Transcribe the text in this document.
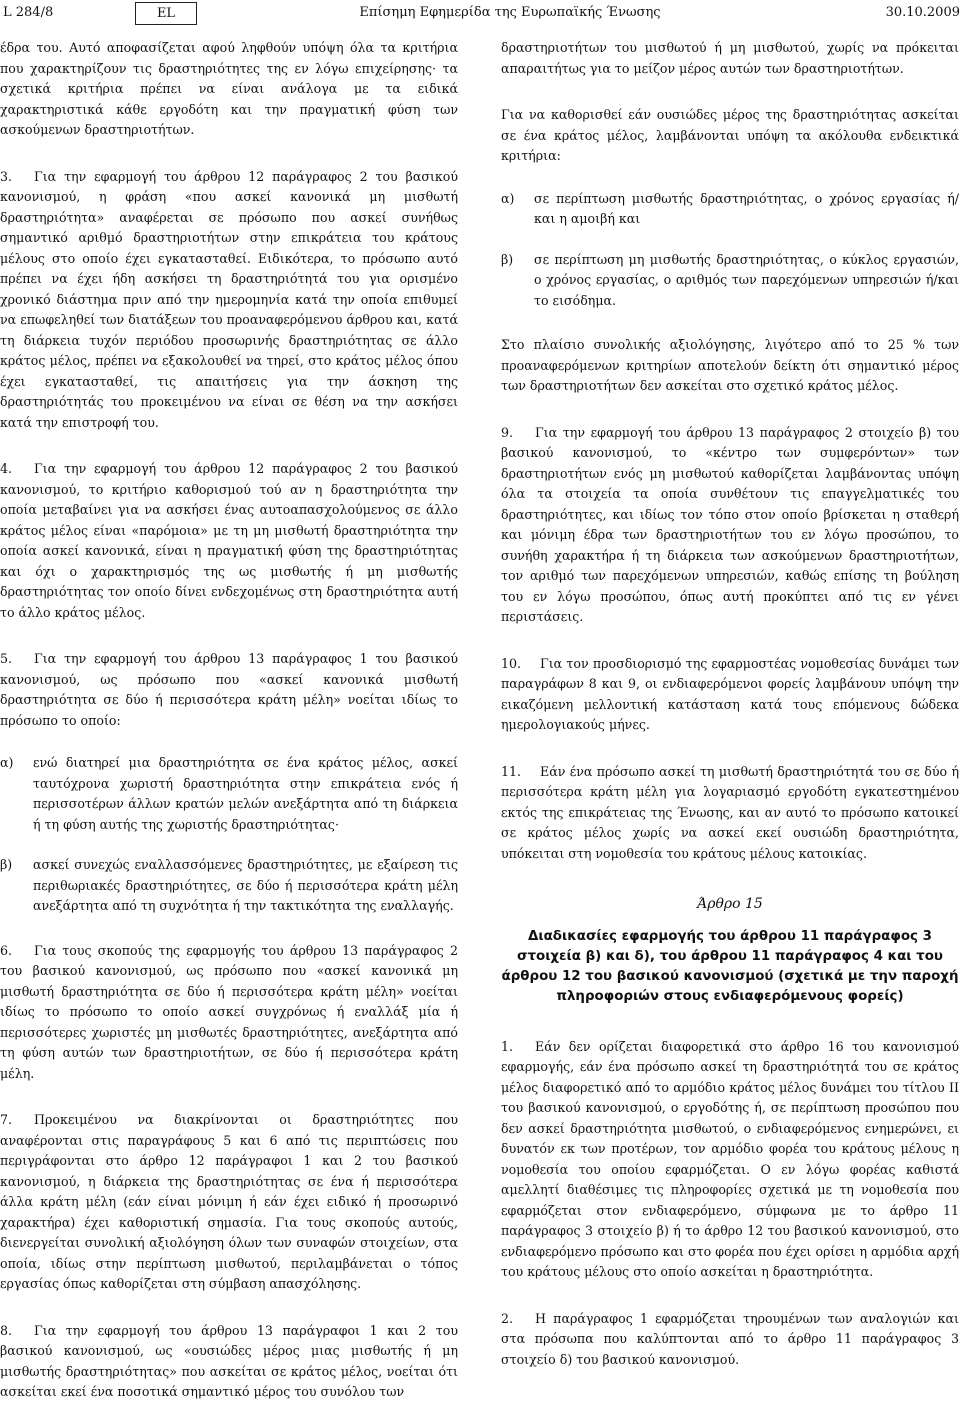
L 284/8	EL	Επίσημη Εφημερίδα της Ευρωπαϊκής Ένωσης	30.10.2009

έδρα του. Αυτό αποφασίζεται αφού ληφθούν υπόψη όλα τα κριτήρια που χαρακτηρίζουν τις δραστηριότητες της εν λόγω επιχείρησης· τα σχετικά κριτήρια πρέπει να είναι ανάλογα με τα ειδικά χαρακτηριστικά κάθε εργοδότη και την πραγματική φύση των ασκούμενων δραστηριοτήτων.

3. Για την εφαρμογή του άρθρου 12 παράγραφος 2 του βασικού κανονισμού, η φράση «που ασκεί κανονικά μη μισθωτή δραστηριότητα» αναφέρεται σε πρόσωπο που ασκεί συνήθως σημαντικό αριθμό δραστηριοτήτων στην επικράτεια του κράτους μέλους στο οποίο έχει εγκατασταθεί. Ειδικότερα, το πρόσωπο αυτό πρέπει να έχει ήδη ασκήσει τη δραστηριότητά του για ορισμένο χρονικό διάστημα πριν από την ημερομηνία κατά την οποία επιθυμεί να επωφεληθεί των διατάξεων του προαναφερόμενου άρθρου και, κατά τη διάρκεια τυχόν περιόδου προσωρινής δραστηριότητας σε άλλο κράτος μέλος, πρέπει να εξακολουθεί να τηρεί, στο κράτος μέλος όπου έχει εγκατασταθεί, τις απαιτήσεις για την άσκηση της δραστηριότητάς του προκειμένου να είναι σε θέση να την ασκήσει κατά την επιστροφή του.

4. Για την εφαρμογή του άρθρου 12 παράγραφος 2 του βασικού κανονισμού, το κριτήριο καθορισμού τού αν η δραστηριότητα την οποία μεταβαίνει για να ασκήσει ένας αυτοαπασχολούμενος σε άλλο κράτος μέλος είναι «παρόμοια» με τη μη μισθωτή δραστηριότητα την οποία ασκεί κανονικά, είναι η πραγματική φύση της δραστηριότητας και όχι ο χαρακτηρισμός της ως μισθωτής ή μη μισθωτής δραστηριότητας τον οποίο δίνει ενδεχομένως στη δραστηριότητα αυτή το άλλο κράτος μέλος.

5. Για την εφαρμογή του άρθρου 13 παράγραφος 1 του βασικού κανονισμού, ως πρόσωπο που «ασκεί κανονικά μισθωτή δραστηριότητα σε δύο ή περισσότερα κράτη μέλη» νοείται ιδίως το πρόσωπο το οποίο:

α)	ενώ διατηρεί μια δραστηριότητα σε ένα κράτος μέλος, ασκεί ταυτόχρονα χωριστή δραστηριότητα στην επικράτεια ενός ή περισσοτέρων άλλων κρατών μελών ανεξάρτητα από τη διάρκεια ή τη φύση αυτής της χωριστής δραστηριότητας·
β)	ασκεί συνεχώς εναλλασσόμενες δραστηριότητες, με εξαίρεση τις περιθωριακές δραστηριότητες, σε δύο ή περισσότερα κράτη μέλη ανεξάρτητα από τη συχνότητα ή την τακτικότητα της εναλλαγής.

6. Για τους σκοπούς της εφαρμογής του άρθρου 13 παράγραφος 2 του βασικού κανονισμού, ως πρόσωπο που «ασκεί κανονικά μη μισθωτή δραστηριότητα σε δύο ή περισσότερα κράτη μέλη» νοείται ιδίως το πρόσωπο το οποίο ασκεί συγχρόνως ή εναλλάξ μία ή περισσότερες χωριστές μη μισθωτές δραστηριότητες, ανεξάρτητα από τη φύση αυτών των δραστηριοτήτων, σε δύο ή περισσότερα κράτη μέλη.

7. Προκειμένου να διακρίνονται οι δραστηριότητες που αναφέρονται στις παραγράφους 5 και 6 από τις περιπτώσεις που περιγράφονται στο άρθρο 12 παράγραφοι 1 και 2 του βασικού κανονισμού, η διάρκεια της δραστηριότητας σε ένα ή περισσότερα άλλα κράτη μέλη (εάν είναι μόνιμη ή εάν έχει ειδικό ή προσωρινό χαρακτήρα) έχει καθοριστική σημασία. Για τους σκοπούς αυτούς, διενεργείται συνολική αξιολόγηση όλων των συναφών στοιχείων, στα οποία, ιδίως στην περίπτωση μισθωτού, περιλαμβάνεται ο τόπος εργασίας όπως καθορίζεται στη σύμβαση απασχόλησης.

8. Για την εφαρμογή του άρθρου 13 παράγραφοι 1 και 2 του βασικού κανονισμού, ως «ουσιώδες μέρος μιας μισθωτής ή μη μισθωτής δραστηριότητας» που ασκείται σε κράτος μέλος, νοείται ότι ασκείται εκεί ένα ποσοτικά σημαντικό μέρος του συνόλου των

δραστηριοτήτων του μισθωτού ή μη μισθωτού, χωρίς να πρόκειται απαραιτήτως για το μείζον μέρος αυτών των δραστηριοτήτων.

Για να καθορισθεί εάν ουσιώδες μέρος της δραστηριότητας ασκείται σε ένα κράτος μέλος, λαμβάνονται υπόψη τα ακόλουθα ενδεικτικά κριτήρια:

α)	σε περίπτωση μισθωτής δραστηριότητας, ο χρόνος εργασίας ή/και η αμοιβή και
β)	σε περίπτωση μη μισθωτής δραστηριότητας, ο κύκλος εργασιών, ο χρόνος εργασίας, ο αριθμός των παρεχόμενων υπηρεσιών ή/και το εισόδημα.

Στο πλαίσιο συνολικής αξιολόγησης, λιγότερο από το 25 % των προαναφερόμενων κριτηρίων αποτελούν δείκτη ότι σημαντικό μέρος των δραστηριοτήτων δεν ασκείται στο σχετικό κράτος μέλος.

9. Για την εφαρμογή του άρθρου 13 παράγραφος 2 στοιχείο β) του βασικού κανονισμού, το «κέντρο των συμφερόντων» των δραστηριοτήτων ενός μη μισθωτού καθορίζεται λαμβάνοντας υπόψη όλα τα στοιχεία τα οποία συνθέτουν τις επαγγελματικές του δραστηριότητες, και ιδίως τον τόπο στον οποίο βρίσκεται η σταθερή και μόνιμη έδρα των δραστηριοτήτων του εν λόγω προσώπου, το συνήθη χαρακτήρα ή τη διάρκεια των ασκούμενων δραστηριοτήτων, τον αριθμό των παρεχόμενων υπηρεσιών, καθώς επίσης τη βούληση του εν λόγω προσώπου, όπως αυτή προκύπτει από τις εν γένει περιστάσεις.

10. Για τον προσδιορισμό της εφαρμοστέας νομοθεσίας δυνάμει των παραγράφων 8 και 9, οι ενδιαφερόμενοι φορείς λαμβάνουν υπόψη την εικαζόμενη μελλοντική κατάσταση κατά τους επόμενους δώδεκα ημερολογιακούς μήνες.

11. Εάν ένα πρόσωπο ασκεί τη μισθωτή δραστηριότητά του σε δύο ή περισσότερα κράτη μέλη για λογαριασμό εργοδότη εγκατεστημένου εκτός της επικράτειας της Ένωσης, και αν αυτό το πρόσωπο κατοικεί σε κράτος μέλος χωρίς να ασκεί εκεί ουσιώδη δραστηριότητα, υπόκειται στη νομοθεσία του κράτους μέλους κατοικίας.

Άρθρο 15
Διαδικασίες εφαρμογής του άρθρου 11 παράγραφος 3 στοιχεία β) και δ), του άρθρου 11 παράγραφος 4 και του άρθρου 12 του βασικού κανονισμού (σχετικά με την παροχή πληροφοριών στους ενδιαφερόμενους φορείς)

1. Εάν δεν ορίζεται διαφορετικά στο άρθρο 16 του κανονισμού εφαρμογής, εάν ένα πρόσωπο ασκεί τη δραστηριότητά του σε κράτος μέλος διαφορετικό από το αρμόδιο κράτος μέλος δυνάμει του τίτλου ΙΙ του βασικού κανονισμού, ο εργοδότης ή, σε περίπτωση προσώπου που δεν ασκεί δραστηριότητα μισθωτού, ο ενδιαφερόμενος ενημερώνει, ει δυνατόν εκ των προτέρων, τον αρμόδιο φορέα του κράτους μέλους η νομοθεσία του οποίου εφαρμόζεται. Ο εν λόγω φορέας καθιστά αμελλητί διαθέσιμες τις πληροφορίες σχετικά με τη νομοθεσία που εφαρμόζεται στον ενδιαφερόμενο, σύμφωνα με το άρθρο 11 παράγραφος 3 στοιχείο β) ή το άρθρο 12 του βασικού κανονισμού, στο ενδιαφερόμενο πρόσωπο και στο φορέα που έχει ορίσει η αρμόδια αρχή του κράτους μέλους στο οποίο ασκείται η δραστηριότητα.

2. Η παράγραφος 1 εφαρμόζεται τηρουμένων των αναλογιών και στα πρόσωπα που καλύπτονται από το άρθρο 11 παράγραφος 3 στοιχείο δ) του βασικού κανονισμού.
